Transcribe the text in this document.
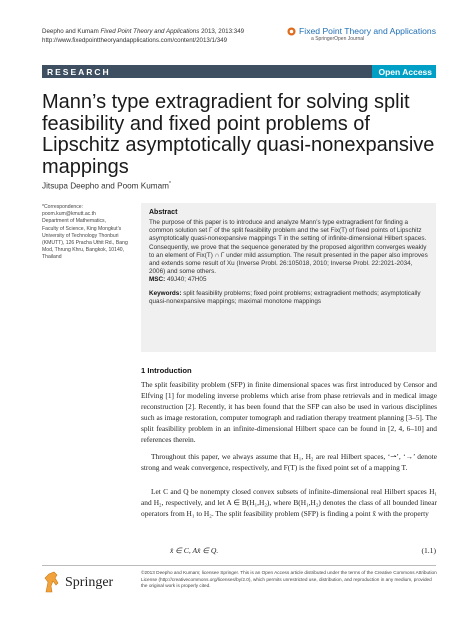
Deepho and Kumam Fixed Point Theory and Applications 2013, 2013:349
http://www.fixedpointtheoryandapplications.com/content/2013/1/349
Fixed Point Theory and Applications
a SpringerOpen Journal
RESEARCH	Open Access
Mann’s type extragradient for solving split feasibility and fixed point problems of Lipschitz asymptotically quasi-nonexpansive mappings
Jitsupa Deepho and Poom Kumam*
*Correspondence:
poom.kum@kmutt.ac.th
Department of Mathematics,
Faculty of Science, King Mongkut’s
University of Technology Thonburi
(KMUTT), 126 Pracha Uthit Rd., Bang
Mod, Thrung Khru, Bangkok, 10140,
Thailand
Abstract
The purpose of this paper is to introduce and analyze Mann’s type extragradient for finding a common solution set Γ of the split feasibility problem and the set Fix(T) of fixed points of Lipschitz asymptotically quasi-nonexpansive mappings T in the setting of infinite-dimensional Hilbert spaces. Consequently, we prove that the sequence generated by the proposed algorithm converges weakly to an element of Fix(T) ∩ Γ under mild assumption. The result presented in the paper also improves and extends some result of Xu (Inverse Probl. 26:105018, 2010; Inverse Probl. 22:2021-2034, 2006) and some others.
MSC: 49J40; 47H05
Keywords: split feasibility problems; fixed point problems; extragradient methods; asymptotically quasi-nonexpansive mappings; maximal monotone mappings
1 Introduction
The split feasibility problem (SFP) in finite dimensional spaces was first introduced by Censor and Elfving [1] for modeling inverse problems which arise from phase retrievals and in medical image reconstruction [2]. Recently, it has been found that the SFP can also be used in various disciplines such as image restoration, computer tomograph and radiation therapy treatment planning [3–5]. The split feasibility problem in an infinite-dimensional Hilbert space can be found in [2, 4, 6–10] and references therein.
Throughout this paper, we always assume that H₁, H₂ are real Hilbert spaces, ‘⇀’, ‘→’ denote strong and weak convergence, respectively, and F(T) is the fixed point set of a mapping T.
Let C and Q be nonempty closed convex subsets of infinite-dimensional real Hilbert spaces H₁ and H₂, respectively, and let A ∈ B(H₁,H₂), where B(H₁,H₂) denotes the class of all bounded linear operators from H₁ to H₂. The split feasibility problem (SFP) is finding a point x̂ with the property
x̂ ∈ C, Ax̂ ∈ Q.	(1.1)
Springer
©2013 Deepho and Kumam; licensee Springer. This is an Open Access article distributed under the terms of the Creative Commons Attribution License (http://creativecommons.org/licenses/by/2.0), which permits unrestricted use, distribution, and reproduction in any medium, provided the original work is properly cited.
